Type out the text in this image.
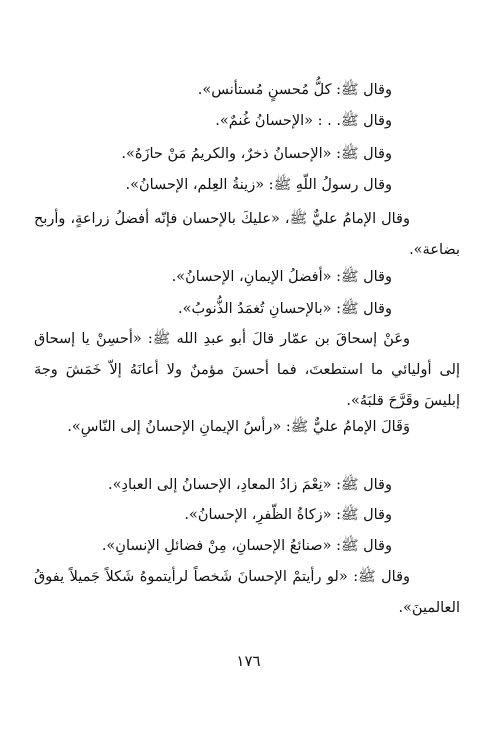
وقال ﷺ: كلُّ مُحسنٍ مُستأنس».
وقال ﷺ. . : «الإحسانُ غُنمٌ».
وقال ﷺ: «الإحسانُ ذخرٌ، والكريمُ مَنْ حازَهُ».
وقال رسولُ اللّهِ ﷺ: «زينةُ العِلم، الإحسانُ».
وقال الإمامُ عليٌّ ﷺ، «عليكَ بالإحسان فإنّه أفضلُ زراعةٍ، وأربح بضاعة».
وقال ﷺ: «أفضلُ الإيمانِ، الإحسانُ».
وقال ﷺ: «بالإحسانِ تُغمَدُ الذُّنوبُ».
وعَنْ إسحاقَ بن عمّار قالَ أبو عبدِ الله ﷺ: «أحسِنْ يا إسحاق إلى أوليائي ما استطعتَ، فما أحسنَ مؤمنٌ ولا أعانَهُ إلاّ خَمَشَ وجهَ إبليسَ وقَرَّحَ قلبَهُ».
وَقَالَ الإمامُ عليٌّ ﷺ: «رأسُ الإيمانِ الإحسانُ إلى النّاسِ».
وقال ﷺ: «نِعْمَ زادُ المعادِ، الإحسانُ إلى العبادِ».
وقال ﷺ: «زكاةُ الظّفرِ، الإحسانُ».
وقال ﷺ: «صنائعُ الإحسانِ، مِنْ فضائلِ الإنسانِ».
وقال ﷺ: «لو رأيتمْ الإحسانَ شَخصاً لرأيتموهُ شَكلاً جَميلاً يفوقُ العالمينَ».
١٧٦
